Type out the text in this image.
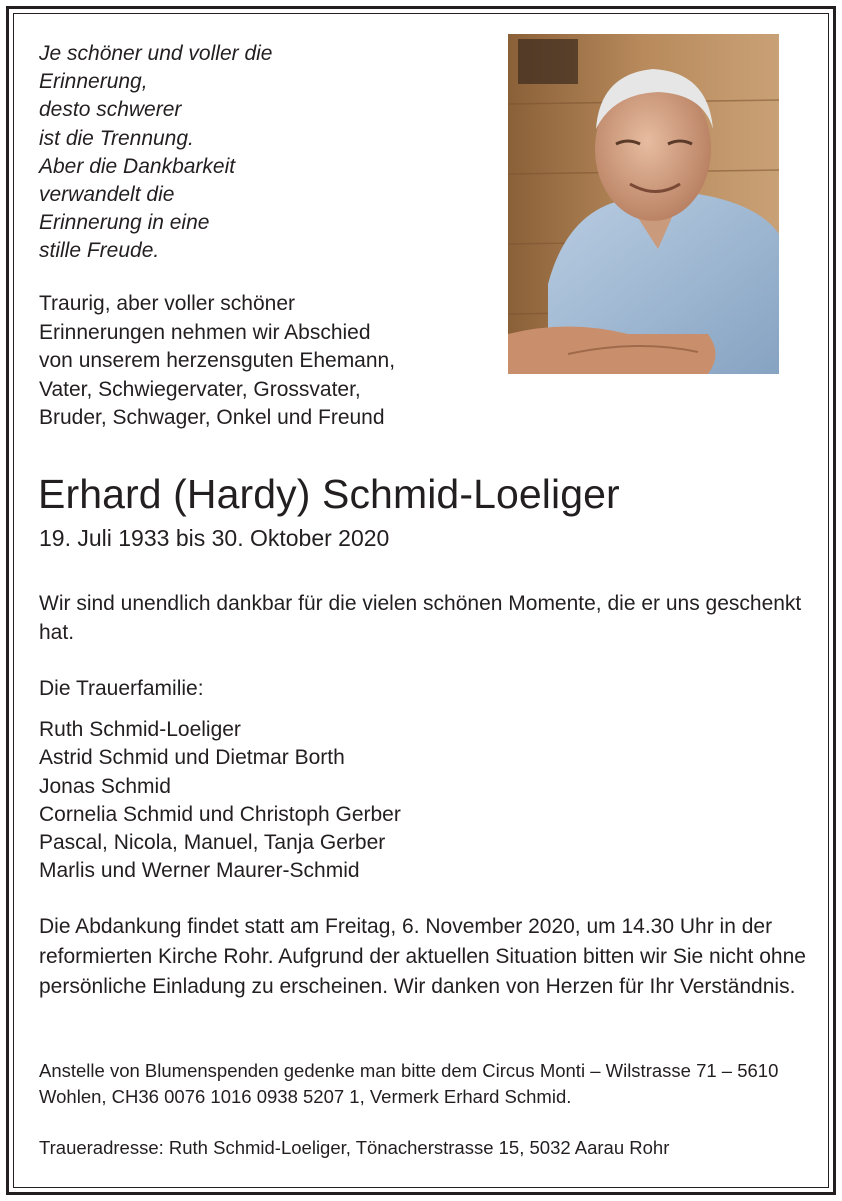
Je schöner und voller die
Erinnerung,
desto schwerer
ist die Trennung.
Aber die Dankbarkeit
verwandelt die
Erinnerung in eine
stille Freude.

Traurig, aber voller schöner
Erinnerungen nehmen wir Abschied
von unserem herzensguten Ehemann,
Vater, Schwiegervater, Grossvater,
Bruder, Schwager, Onkel und Freund

Erhard (Hardy) Schmid-Loeliger

19. Juli 1933 bis 30. Oktober 2020

Wir sind unendlich dankbar für die vielen schönen Momente, die er uns geschenkt hat.

Die Trauerfamilie:

Ruth Schmid-Loeliger
Astrid Schmid und Dietmar Borth
Jonas Schmid
Cornelia Schmid und Christoph Gerber
Pascal, Nicola, Manuel, Tanja Gerber
Marlis und Werner Maurer-Schmid

Die Abdankung findet statt am Freitag, 6. November 2020, um 14.30 Uhr in der reformierten Kirche Rohr. Aufgrund der aktuellen Situation bitten wir Sie nicht ohne persönliche Einladung zu erscheinen. Wir danken von Herzen für Ihr Verständnis.

Anstelle von Blumenspenden gedenke man bitte dem Circus Monti – Wilstrasse 71 – 5610 Wohlen, CH36 0076 1016 0938 5207 1, Vermerk Erhard Schmid.

Traueradresse: Ruth Schmid-Loeliger, Tönacherstrasse 15, 5032 Aarau Rohr
